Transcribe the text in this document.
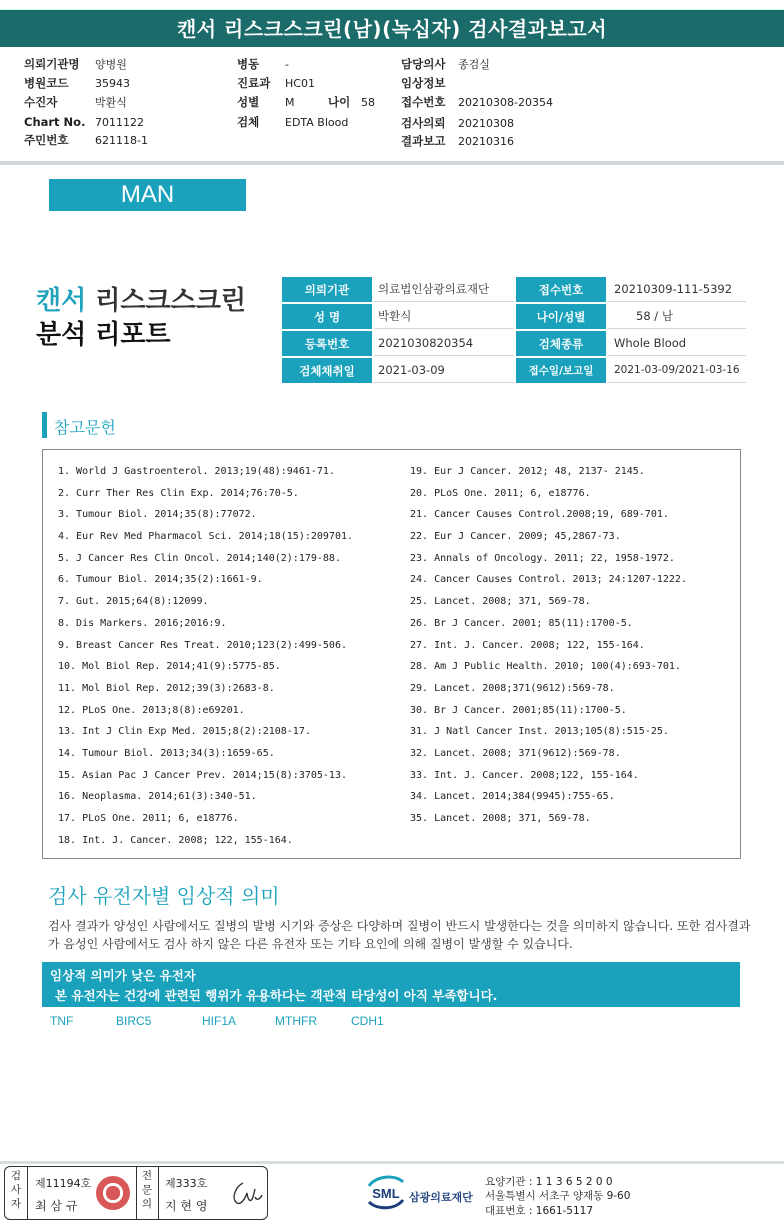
캔서 리스크스크린(남)(녹십자) 검사결과보고서
의뢰기관명 양병원
병원코드 35943
수진자	박환식
Chart No. 7011122
주민번호 621118-1
병동 -
진료과 HC01
성별 M	나이 58
검체 EDTA Blood
담당의사 종검실
임상정보
접수번호 20210308-20354
검사의뢰 20210308
결과보고 20210316
MAN
캔서 리스크스크린
분석 리포트
의뢰기관	의료법인삼광의료재단	접수번호	20210309-111-5392
성 명	박환식	나이/성별	58 / 남
등록번호	2021030820354	검체종류	Whole Blood
검체채취일	2021-03-09	접수일/보고일	2021-03-09/2021-03-16
참고문헌
1. World J Gastroenterol. 2013;19(48):9461-71.
2. Curr Ther Res Clin Exp. 2014;76:70-5.
3. Tumour Biol. 2014;35(8):77072.
4. Eur Rev Med Pharmacol Sci. 2014;18(15):209701.
5. J Cancer Res Clin Oncol. 2014;140(2):179-88.
6. Tumour Biol. 2014;35(2):1661-9.
7. Gut. 2015;64(8):12099.
8. Dis Markers. 2016;2016:9.
9. Breast Cancer Res Treat. 2010;123(2):499-506.
10. Mol Biol Rep. 2014;41(9):5775-85.
11. Mol Biol Rep. 2012;39(3):2683-8.
12. PLoS One. 2013;8(8):e69201.
13. Int J Clin Exp Med. 2015;8(2):2108-17.
14. Tumour Biol. 2013;34(3):1659-65.
15. Asian Pac J Cancer Prev. 2014;15(8):3705-13.
16. Neoplasma. 2014;61(3):340-51.
17. PLoS One. 2011; 6, e18776.
18. Int. J. Cancer. 2008; 122, 155-164.
19. Eur J Cancer. 2012; 48, 2137- 2145.
20. PLoS One. 2011; 6, e18776.
21. Cancer Causes Control.2008;19, 689-701.
22. Eur J Cancer. 2009; 45,2867-73.
23. Annals of Oncology. 2011; 22, 1958-1972.
24. Cancer Causes Control. 2013; 24:1207-1222.
25. Lancet. 2008; 371, 569-78.
26. Br J Cancer. 2001; 85(11):1700-5.
27. Int. J. Cancer. 2008; 122, 155-164.
28. Am J Public Health. 2010; 100(4):693-701.
29. Lancet. 2008;371(9612):569-78.
30. Br J Cancer. 2001;85(11):1700-5.
31. J Natl Cancer Inst. 2013;105(8):515-25.
32. Lancet. 2008; 371(9612):569-78.
33. Int. J. Cancer. 2008;122, 155-164.
34. Lancet. 2014;384(9945):755-65.
35. Lancet. 2008; 371, 569-78.
검사 유전자별 임상적 의미
검사 결과가 양성인 사람에서도 질병의 발병 시기와 증상은 다양하며 질병이 반드시 발생한다는 것을 의미하지 않습니다. 또한 검사결과가 음성인 사람에서도 검사 하지 않은 다른 유전자 또는 기타 요인에 의해 질병이 발생할 수 있습니다.
임상적 의미가 낮은 유전자
본 유전자는 건강에 관련된 행위가 유용하다는 객관적 타당성이 아직 부족합니다.
TNF	BIRC5	HIF1A	MTHFR	CDH1
검사자
제11194호
최 삼 규
전문의
제333호
지 현 영
SML 삼광의료재단
요양기관 : 1 1 3 6 5 2 0 0
서울특별시 서초구 양재동 9-60
대표번호 : 1661-5117
